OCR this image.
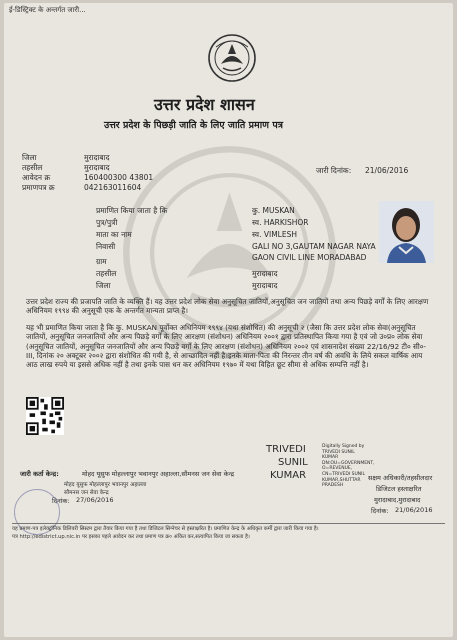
ई-डिस्ट्रिक्ट के अन्तर्गत जारी...
उत्तर प्रदेश शासन
उत्तर प्रदेश के पिछड़ी जाति के लिए जाति प्रमाण पत्र
जिला	मुरादाबाद
तहसील	मुरादाबाद
आवेदन क्र	160400300 43801
प्रमाणपत्र क्र	042163011604
जारी दिनांक: 21/06/2016
प्रमाणित किया जाता है कि	कु. MUSKAN
पुत्र/पुत्री	स्व. HARKISHOR
माता का नाम	स्व. VIMLESH
निवासी	GALI NO 3,GAUTAM NAGAR NAYA
GAON CIVIL LINE MORADABAD
ग्राम
तहसील	मुरादाबाद
जिला	मुरादाबाद
उत्तर प्रदेश राज्य की प्रजापति जाति के व्यक्ति हैं। यह उत्तर प्रदेश लोक सेवा अनुसूचित जातियों,अनुसूचित जन जातियों तथा अन्य पिछड़े वर्गों के लिए आरक्षण अधिनियम १९९४ की अनुसूची एक के अन्तर्गत मान्यता प्राप्त है।
यह भी प्रमाणित किया जाता है कि कु. MUSKAN पूर्वोक्त अधिनियम १९९४ (यथा संशोधित) की अनुसूची २ (जैसा कि उत्तर प्रदेश लोक सेवा(अनुसूचित जातियों, अनुसूचित जनजातियों और अन्य पिछड़े वर्गों के लिए आरक्षण (संशोधन) अधिनियम २००१ द्वारा प्रतिस्थापित किया गया है एवं जो उ०प्र० लोक सेवा (अनुसूचित जातियों, अनुसूचित जनजातियों और अन्य पिछड़े वर्गों के लिए आरक्षण (संशोधन) अधिनियम २००२ एवं शासनादेश संख्या 22/16/92 टी० सी०-III, दिनांक २० अक्टूबर २००२ द्वारा संशोधित की गयी है, से आच्छादित नहीं है।इनके माता-पिता की निरन्तर तीन वर्ष की अवधि के लिये सकल वार्षिक आय आठ लाख रुपये या इससे अधिक नहीं है तथा इनके पास धन कर अधिनियम १९७० में यथा विहित छूट सीमा से अधिक सम्पत्ति नहीं है।
जारी कर्ता केन्द्र:	मोहद यूसुफ मोहल्लापुर भवानपुर अहाल्ला,सौमनस जन सेवा केन्द्र
मोहद यूसुफ मोहल्लापुर भवानपुर अहाल्ला
सौमनस जन सेवा केन्द्र
दिनांक: 27/06/2016
TRIVEDI
SUNIL
KUMAR
Digitally Signed by TRIVEDI SUNIL KUMAR DN:OU=GOVERNMENT, O=REVENUE, CN=TRIVEDI SUNIL KUMAR,SHUTTAR PRADESH
सक्षम अधिकारी/तहसीलदार
डिजिटल हस्ताक्षरित
मुरादाबाद,मुरादाबाद
दिनांक: 21/06/2016
यह प्रमाण-पत्र इलेक्ट्रॉनिक डिलिवरी सिस्टम द्वारा तैयार किया गया है तथा डिजिटल सिग्नेचर से हस्ताक्षरित है। प्रमाणित केन्द्र के अधिकृत कर्मी द्वारा जारी किया गया है।
पत्र http://edistrict.up.nic.in पर इसका पहले आवेदन कर तथा प्रमाण पत्र क्र० अंकित कर,सत्यापित किया जा सकता है।
